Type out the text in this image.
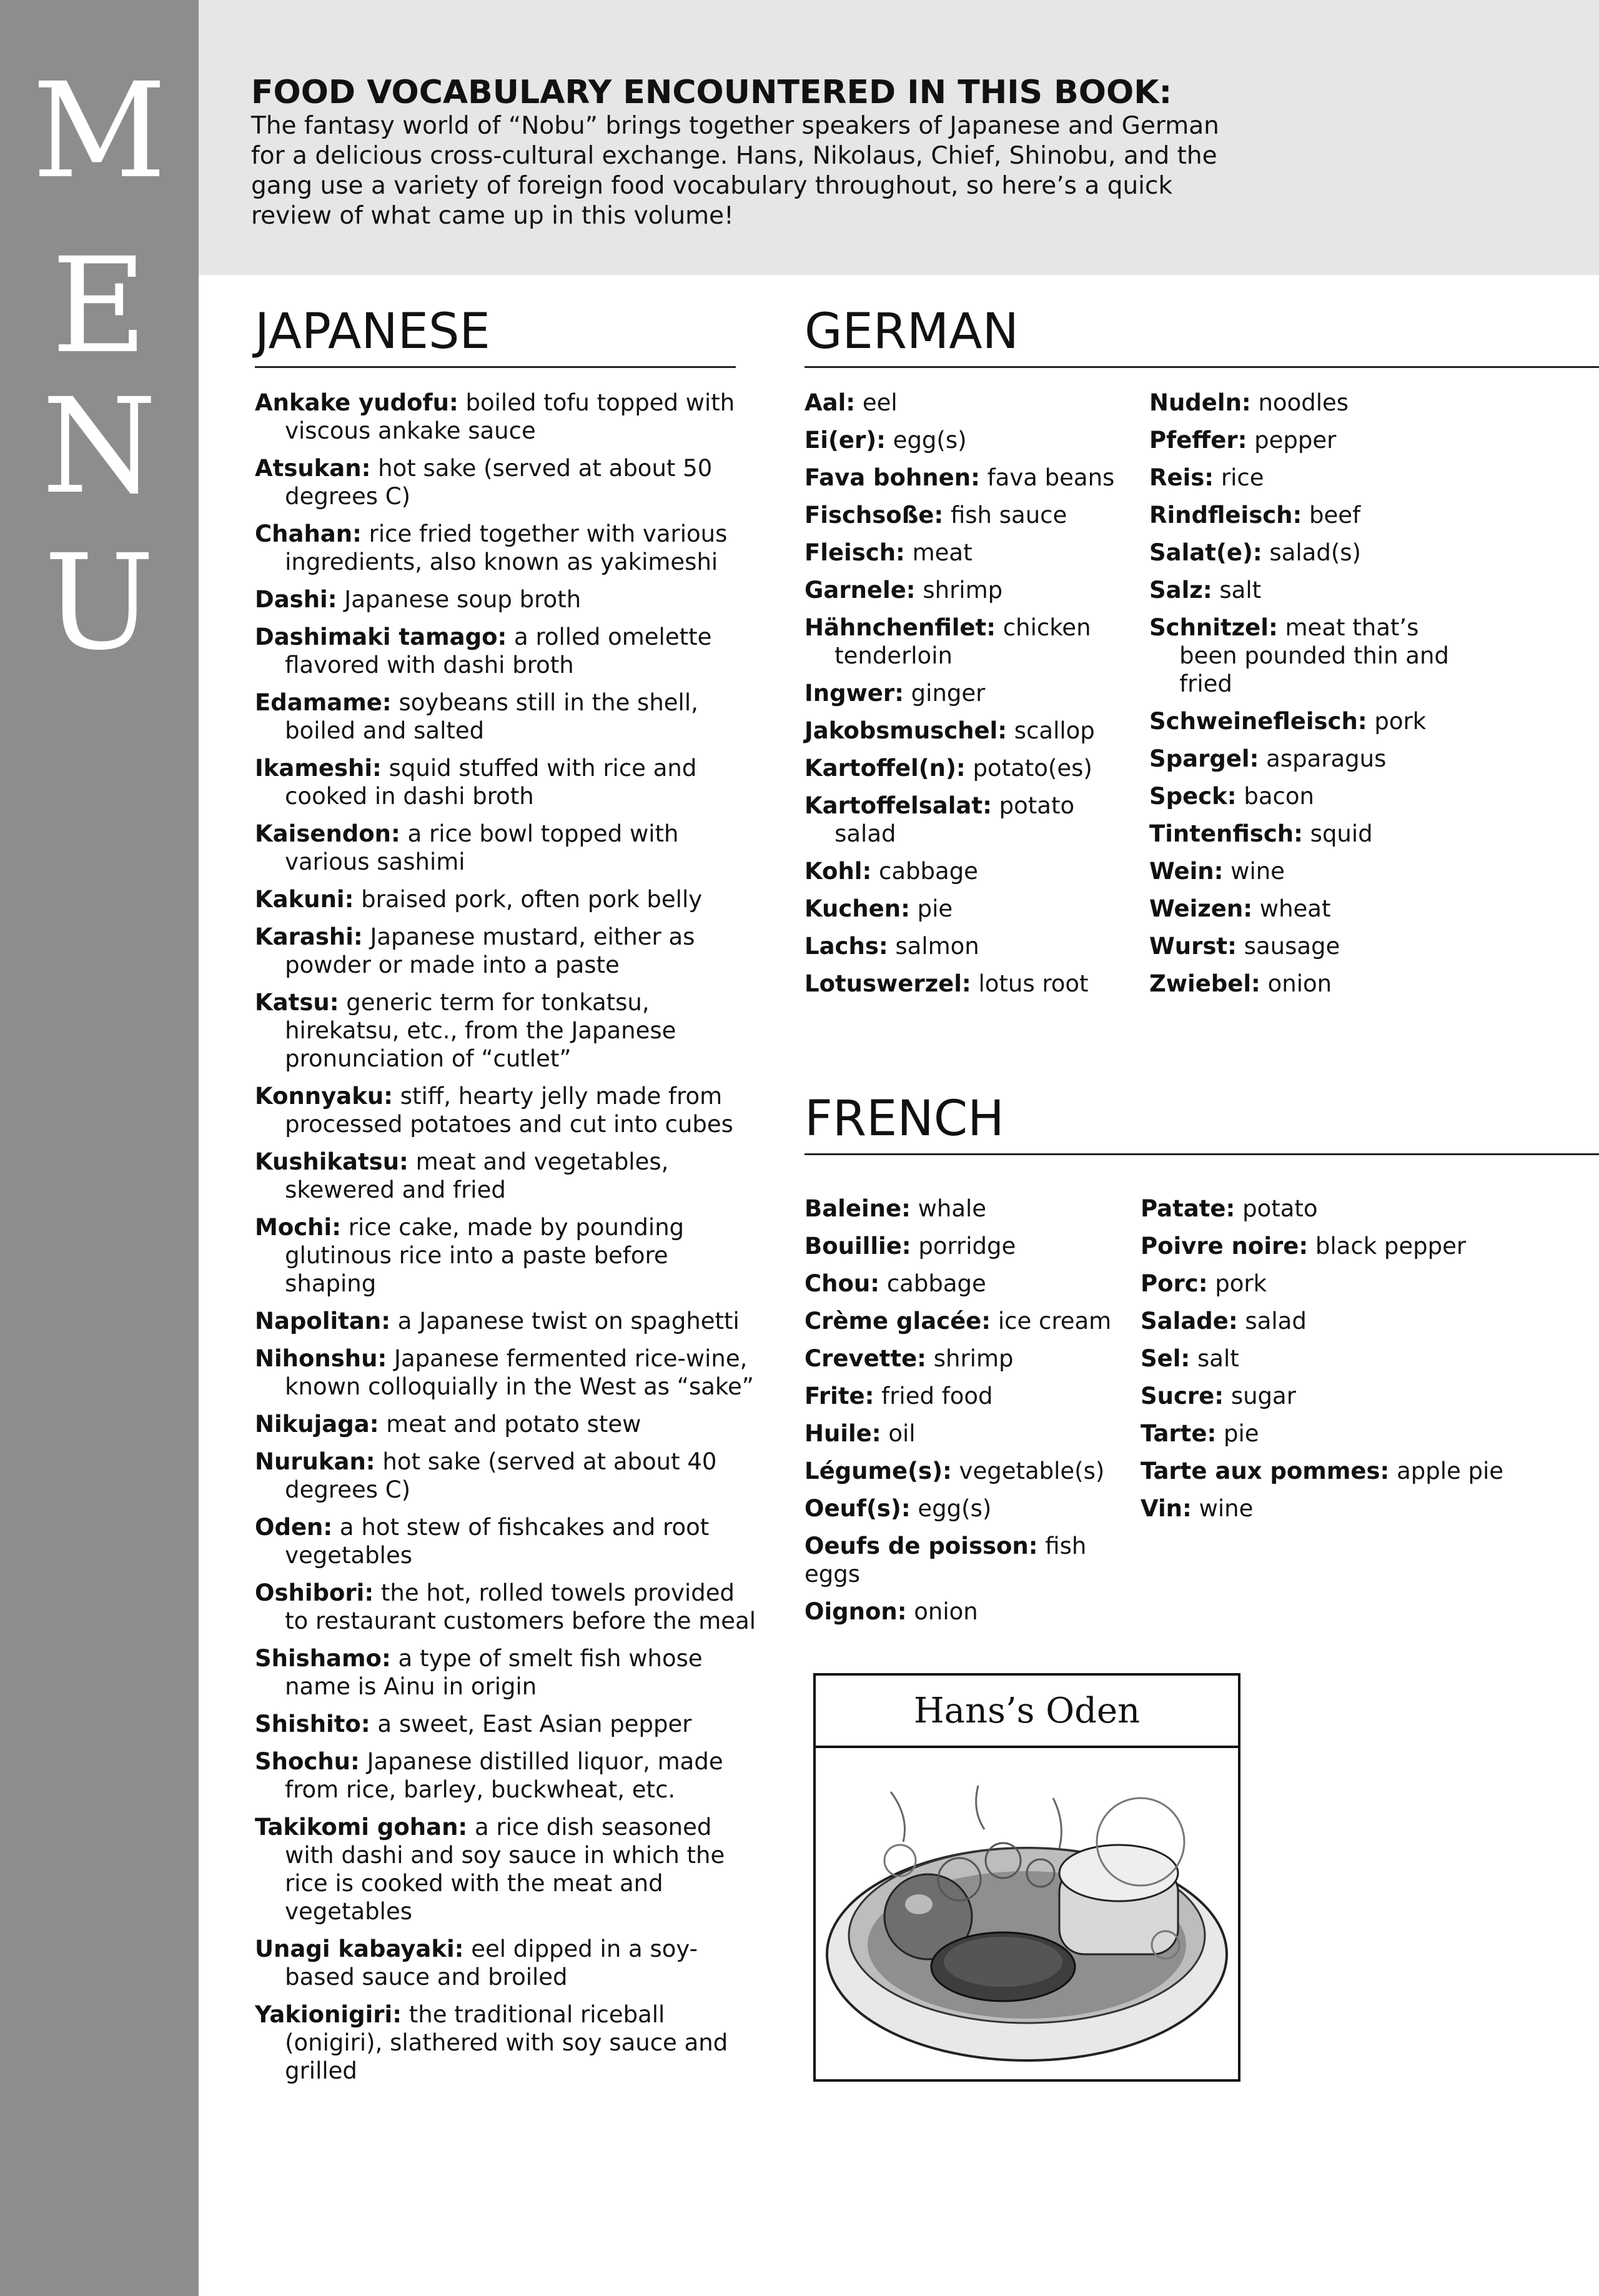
M
E
N
U
FOOD VOCABULARY ENCOUNTERED IN THIS BOOK:
The fantasy world of “Nobu” brings together speakers of Japanese and German
for a delicious cross-cultural exchange. Hans, Nikolaus, Chief, Shinobu, and the
gang use a variety of foreign food vocabulary throughout, so here’s a quick
review of what came up in this volume!
JAPANESE	GERMAN
FRENCH
Ankake yudofu: boiled tofu topped with viscous ankake sauce
Atsukan: hot sake (served at about 50 degrees C)
Chahan: rice fried together with various ingredients, also known as yakimeshi
Dashi: Japanese soup broth
Dashimaki tamago: a rolled omelette flavored with dashi broth
Edamame: soybeans still in the shell, boiled and salted
Ikameshi: squid stuffed with rice and cooked in dashi broth
Kaisendon: a rice bowl topped with various sashimi
Kakuni: braised pork, often pork belly
Karashi: Japanese mustard, either as powder or made into a paste
Katsu: generic term for tonkatsu, hirekatsu, etc., from the Japanese pronunciation of “cutlet”
Konnyaku: stiff, hearty jelly made from processed potatoes and cut into cubes
Kushikatsu: meat and vegetables, skewered and fried
Mochi: rice cake, made by pounding glutinous rice into a paste before shaping
Napolitan: a Japanese twist on spaghetti
Nihonshu: Japanese fermented rice-wine, known colloquially in the West as “sake”
Nikujaga: meat and potato stew
Nurukan: hot sake (served at about 40 degrees C)
Oden: a hot stew of fishcakes and root vegetables
Oshibori: the hot, rolled towels provided to restaurant customers before the meal
Shishamo: a type of smelt fish whose name is Ainu in origin
Shishito: a sweet, East Asian pepper
Shochu: Japanese distilled liquor, made from rice, barley, buckwheat, etc.
Takikomi gohan: a rice dish seasoned with dashi and soy sauce in which the rice is cooked with the meat and vegetables
Unagi kabayaki: eel dipped in a soy-based sauce and broiled
Yakionigiri: the traditional riceball (onigiri), slathered with soy sauce and grilled
Aal: eel
Ei(er): egg(s)
Fava bohnen: fava beans
Fischsoße: fish sauce
Fleisch: meat
Garnele: shrimp
Hähnchenfilet: chicken tenderloin
Ingwer: ginger
Jakobsmuschel: scallop
Kartoffel(n): potato(es)
Kartoffelsalat: potato salad
Kohl: cabbage
Kuchen: pie
Lachs: salmon
Lotuswerzel: lotus root
Nudeln: noodles
Pfeffer: pepper
Reis: rice
Rindfleisch: beef
Salat(e): salad(s)
Salz: salt
Schnitzel: meat that’s been pounded thin and fried
Schweinefleisch: pork
Spargel: asparagus
Speck: bacon
Tintenfisch: squid
Wein: wine
Weizen: wheat
Wurst: sausage
Zwiebel: onion
Baleine: whale
Bouillie: porridge
Chou: cabbage
Crème glacée: ice cream
Crevette: shrimp
Frite: fried food
Huile: oil
Légume(s): vegetable(s)
Oeuf(s): egg(s)
Oeufs de poisson: fish eggs
Oignon: onion
Patate: potato
Poivre noire: black pepper
Porc: pork
Salade: salad
Sel: salt
Sucre: sugar
Tarte: pie
Tarte aux pommes: apple pie
Vin: wine
Hans’s Oden
